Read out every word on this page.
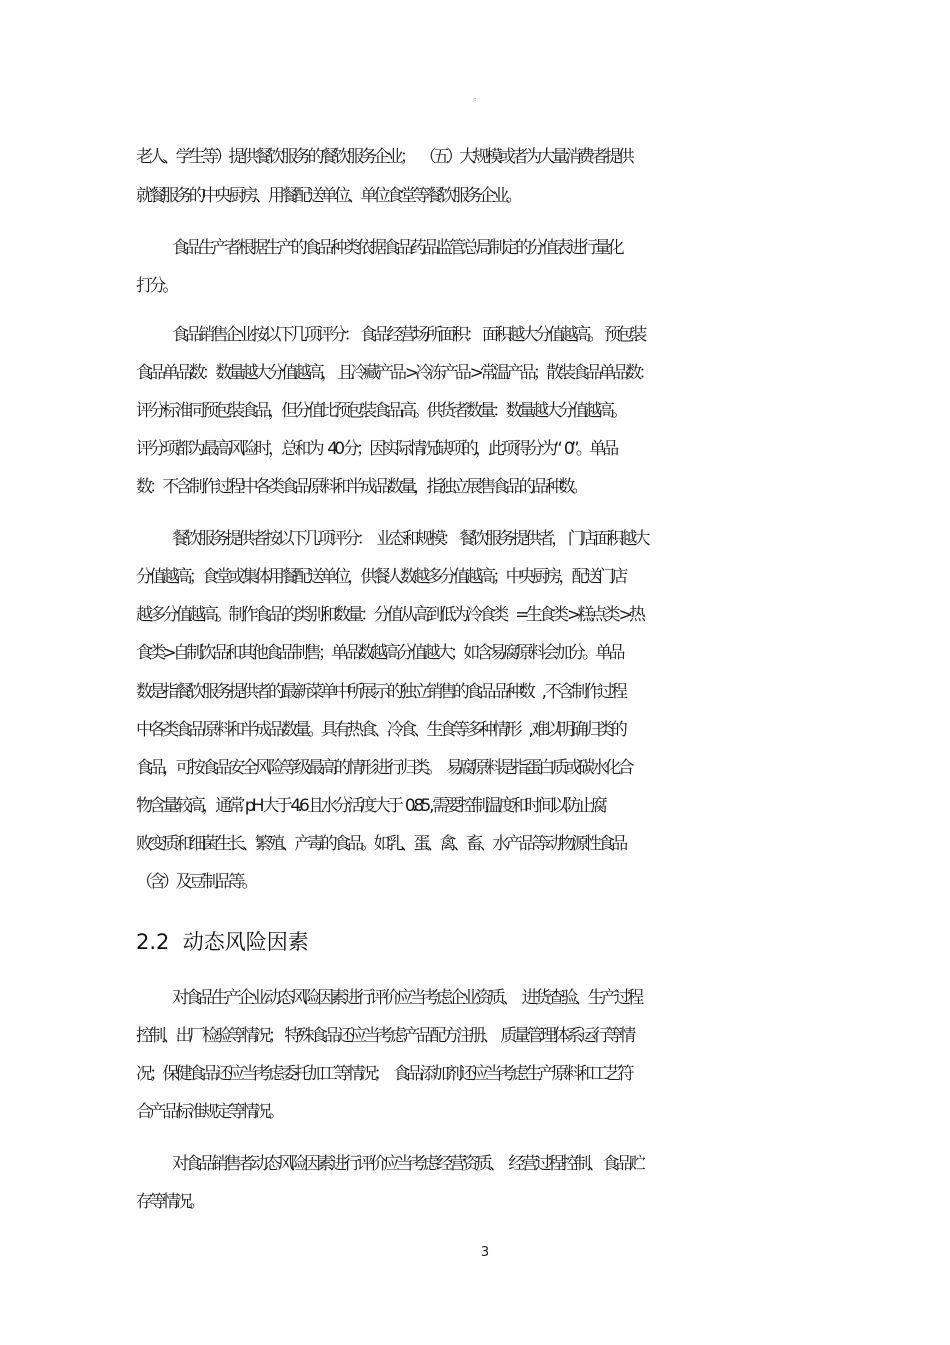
。
老人、学生等）提供餐饮服务的餐饮服务企业；    （五）大规模或者为大量消费者提供
就餐服务的中央厨房、用餐配送单位、单位食堂等餐饮服务企业。
食品生产者根据生产的食品种类依据食品药品监管总局制定的分值表进行量化
打分。
食品销售企业按以下几项评分：  食品经营场所面积：  面积越大分值越高。  预包装
食品单品数：数量越大分值越高，  且冷藏产品 >冷冻产品 >常温产品；散装食品单品数：
评分标准同预包装食品，但分值比预包装食品高。供货者数量：数量越大分值越高。
评分项都为最高风险时，总和为    40 分；因实际情况缺项的，此项得分为“   0”。单品
数：不含制作过程中各类食品原料和半成品数量，指独立展售食品的品种数。
餐饮服务提供者按以下几项评分：    业态和规模：  餐饮服务提供者，  门店面积越大
分值越高；食堂或集体用餐配送单位，供餐人数越多分值越高；中央厨房，配送门店
越多分值越高。制作食品的类别和数量：分值从高到低为冷食类      =生食类 >糕点类 >热
食类>自制饮品和其他食品制售；单品数越高分值越大；如含易腐原料会加分。单品
数是指餐饮服务提供者的最新菜单中所展示的独立销售的食品品种数      , 不含制作过程
中各类食品原料和半成品数量。具有热食、冷食、生食等多种情形      , 难以明确归类的
食品，可按食品安全风险等级最高的情形进行归类。    易腐原料是指蛋白质或碳水化合
物含量较高，通常  pH 大于 4.6 且水分活度大于   0.85 , 需要控制温度和时间以防止腐
败变质和细菌生长、繁殖、产毒的食品。如乳、蛋、禽、畜、水产品等动物源性食品
（含）及豆制品等。
2.2  动态风险因素
对食品生产企业动态风险因素进行评价应当考虑企业资质、    进货查验、生产过程
控制、出厂检验等情况；  特殊食品还应当考虑产品配方注册、   质量管理体系运行等情
况；保健食品还应当考虑委托加工等情况；    食品添加剂还应当考虑生产原料和工艺符
合产品标准规定等情况。
对食品销售者动态风险因素进行评价应当考虑经营资质、    经营过程控制、 食品贮
存等情况。
3
